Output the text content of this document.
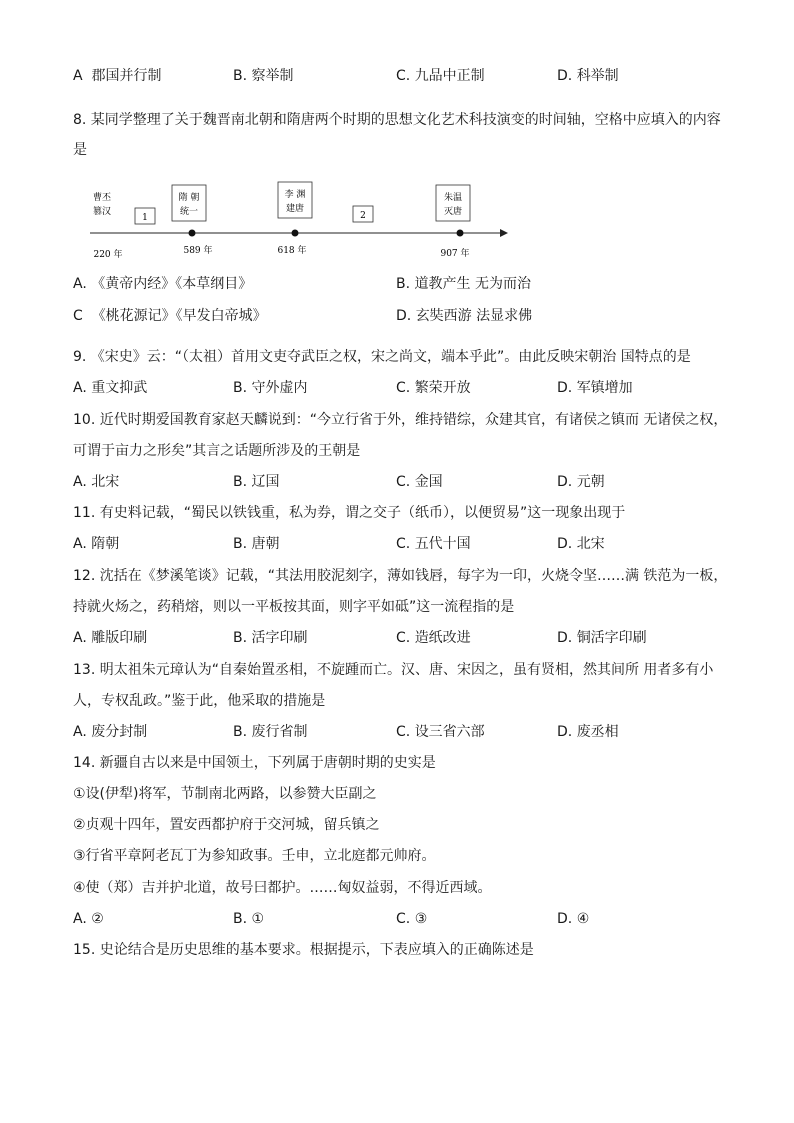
A 郡国并行制	B. 察举制	C. 九品中正制	D. 科举制
8. 某同学整理了关于魏晋南北朝和隋唐两个时期的思想文化艺术科技演变的时间轴，空格中应填入的内容
是
曹丕
篡汉
220 年
1
隋 朝
统一
589 年
李 渊
建唐
618 年
2
朱温
灭唐
907 年
A. 《黄帝内经》《本草纲目》	B. 道教产生 无为而治
C 《桃花源记》《早发白帝城》	D. 玄奘西游 法显求佛
9. 《宋史》云：“（太祖）首用文吏夺武臣之权，宋之尚文，端本乎此”。由此反映宋朝治 国特点的是
A. 重文抑武	B. 守外虚内	C. 繁荣开放	D. 军镇增加
10. 近代时期爱国教育家赵天麟说到：“今立行省于外，维持错综，众建其官，有诸侯之镇而 无诸侯之权，
可谓于亩力之形矣”其言之话题所涉及的王朝是
A. 北宋	B. 辽国	C. 金国	D. 元朝
11. 有史料记载，“蜀民以铁钱重，私为券，谓之交子（纸币），以便贸易”这一现象出现于
A. 隋朝	B. 唐朝	C. 五代十国	D. 北宋
12. 沈括在《梦溪笔谈》记载，“其法用胶泥刻字，薄如钱唇，每字为一印，火烧令坚……满 铁范为一板，
持就火炀之，药稍熔，则以一平板按其面，则字平如砥”这一流程指的是
A. 雕版印刷	B. 活字印刷	C. 造纸改进	D. 铜活字印刷
13. 明太祖朱元璋认为“自秦始置丞相，不旋踵而亡。汉、唐、宋因之，虽有贤相，然其间所 用者多有小
人，专权乱政。”鉴于此，他采取的措施是
A. 废分封制	B. 废行省制	C. 设三省六部	D. 废丞相
14. 新疆自古以来是中国领土，下列属于唐朝时期的史实是
①设(伊犁)将军，节制南北两路，以参赞大臣副之
②贞观十四年，置安西都护府于交河城，留兵镇之
③行省平章阿老瓦丁为参知政事。壬申，立北庭都元帅府。
④使（郑）吉并护北道，故号曰都护。……匈奴益弱，不得近西域。
A. ②	B. ①	C. ③	D. ④
15. 史论结合是历史思维的基本要求。根据提示，下表应填入的正确陈述是
